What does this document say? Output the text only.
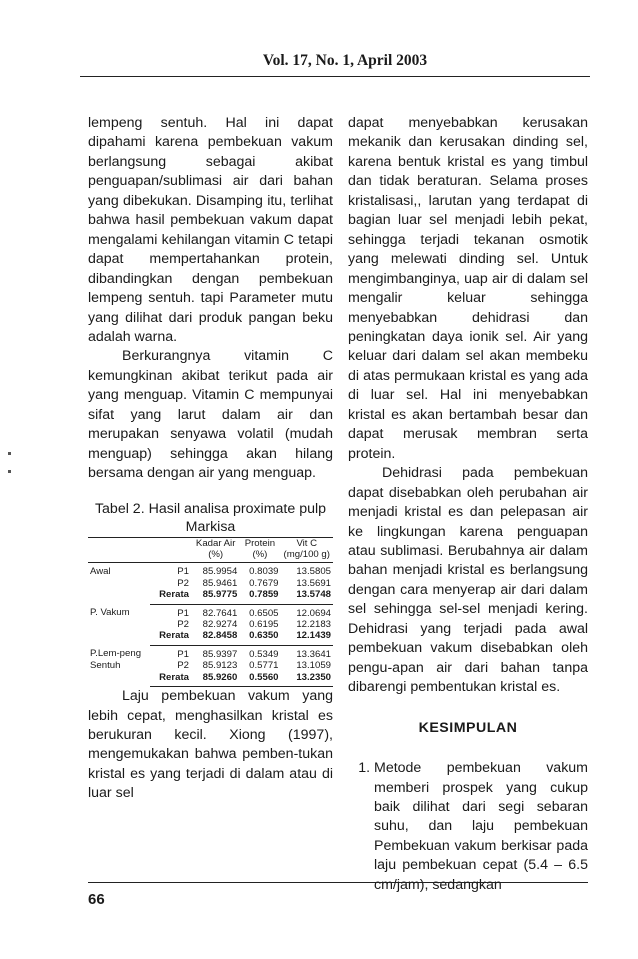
Vol. 17, No. 1, April 2003

lempeng sentuh. Hal ini dapat dipahami karena pembekuan vakum berlangsung sebagai akibat penguapan/sublimasi air dari bahan yang dibekukan. Disamping itu, terlihat bahwa hasil pembekuan vakum dapat mengalami kehilangan vitamin C tetapi dapat mempertahankan protein, dibandingkan dengan pembekuan lempeng sentuh. tapi Parameter mutu yang dilihat dari produk pangan beku adalah warna.

Berkurangnya vitamin C kemungkinan akibat terikut pada air yang menguap. Vitamin C mempunyai sifat yang larut dalam air dan merupakan senyawa volatil (mudah menguap) sehingga akan hilang bersama dengan air yang menguap.

Tabel 2. Hasil analisa proximate pulp Markisa
		Kadar Air (%)	Protein (%)	Vit C (mg/100 g)

Awal	P1	85.9954	0.8039	13.5805
	P2	85.9461	0.7679	13.5691
	Rerata	85.9775	0.7859	13.5748
P. Vakum	P1	82.7641	0.6505	12.0694
	P2	82.9274	0.6195	12.2183
	Rerata	82.8458	0.6350	12.1439
P.Lem-peng Sentuh	P1	85.9397	0.5349	13.3641
	P2	85.9123	0.5771	13.1059
	Rerata	85.9260	0.5560	13.2350

Laju pembekuan vakum yang lebih cepat, menghasilkan kristal es berukuran kecil. Xiong (1997), mengemukakan bahwa pemben-tukan kristal es yang terjadi di dalam atau di luar sel

dapat menyebabkan kerusakan mekanik dan kerusakan dinding sel, karena bentuk kristal es yang timbul dan tidak beraturan. Selama proses kristalisasi,, larutan yang terdapat di bagian luar sel menjadi lebih pekat, sehingga terjadi tekanan osmotik yang melewati dinding sel. Untuk mengimbanginya, uap air di dalam sel mengalir keluar sehingga menyebabkan dehidrasi dan peningkatan daya ionik sel. Air yang keluar dari dalam sel akan membeku di atas permukaan kristal es yang ada di luar sel. Hal ini menyebabkan kristal es akan bertambah besar dan dapat merusak membran serta protein.

Dehidrasi pada pembekuan dapat disebabkan oleh perubahan air menjadi kristal es dan pelepasan air ke lingkungan karena penguapan atau sublimasi. Berubahnya air dalam bahan menjadi kristal es berlangsung dengan cara menyerap air dari dalam sel sehingga sel-sel menjadi kering. Dehidrasi yang terjadi pada awal pembekuan vakum disebabkan oleh pengu-apan air dari bahan tanpa dibarengi pembentukan kristal es.

KESIMPULAN
1. Metode pembekuan vakum memberi prospek yang cukup baik dilihat dari segi sebaran suhu, dan laju pembekuan Pembekuan vakum berkisar pada laju pembekuan cepat (5.4 – 6.5 cm/jam), sedangkan
66
